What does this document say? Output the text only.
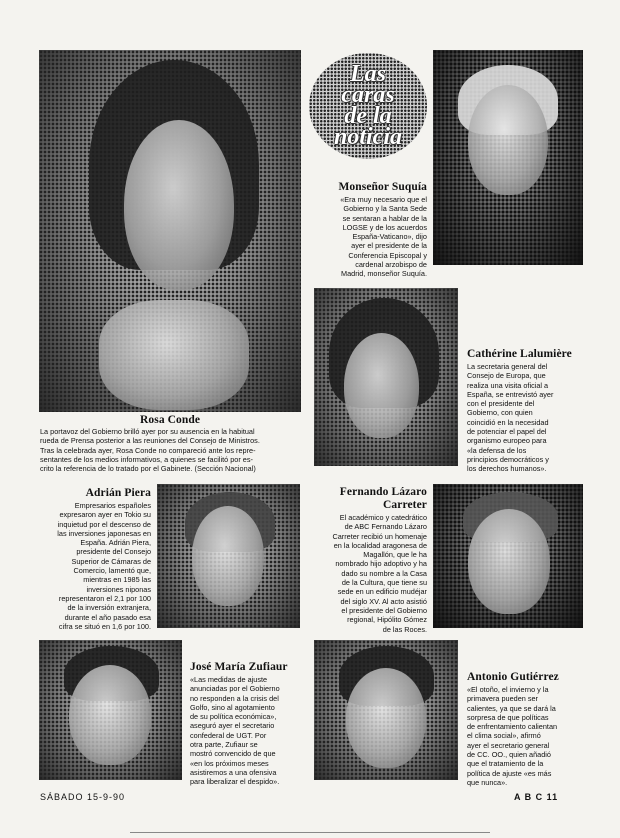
Las
caras
de la
noticia
Rosa Conde
La portavoz del Gobierno brilló ayer por su ausencia en la habitual
rueda de Prensa posterior a las reuniones del Consejo de Ministros.
Tras la celebrada ayer, Rosa Conde no compareció ante los repre-
sentantes de los medios informativos, a quienes se facilitó por es-
crito la referencia de lo tratado por el Gabinete. (Sección Nacional)
Monseñor Suquía
«Era muy necesario que el
Gobierno y la Santa Sede
se sentaran a hablar de la
LOGSE y de los acuerdos
España-Vaticano», dijo
ayer el presidente de la
Conferencia Episcopal y
cardenal arzobispo de
Madrid, monseñor Suquía.
Cathérine Lalumière
La secretaria general del
Consejo de Europa, que
realiza una visita oficial a
España, se entrevistó ayer
con el presidente del
Gobierno, con quien
coincidió en la necesidad
de potenciar el papel del
organismo europeo para
«la defensa de los
principios democráticos y
los derechos humanos».
Adrián Piera
Empresarios españoles
expresaron ayer en Tokio su
inquietud por el descenso de
las inversiones japonesas en
España. Adrián Piera,
presidente del Consejo
Superior de Cámaras de
Comercio, lamentó que,
mientras en 1985 las
inversiones niponas
representaron el 2,1 por 100
de la inversión extranjera,
durante el año pasado esa
cifra se situó en 1,6 por 100.
Fernando Lázaro
Carreter
El académico y catedrático
de ABC Fernando Lázaro
Carreter recibió un homenaje
en la localidad aragonesa de
Magallón, que le ha
nombrado hijo adoptivo y ha
dado su nombre a la Casa
de la Cultura, que tiene su
sede en un edificio mudéjar
del siglo XV. Al acto asistió
el presidente del Gobierno
regional, Hipólito Gómez
de las Roces.
José María Zufiaur
«Las medidas de ajuste
anunciadas por el Gobierno
no responden a la crisis del
Golfo, sino al agotamiento
de su política económica»,
aseguró ayer el secretario
confederal de UGT. Por
otra parte, Zufiaur se
mostró convencido de que
«en los próximos meses
asistiremos a una ofensiva
para liberalizar el despido».
Antonio Gutiérrez
«El otoño, el invierno y la
primavera pueden ser
calientes, ya que se dará la
sorpresa de que políticas
de enfrentamiento calientan
el clima social», afirmó
ayer el secretario general
de CC. OO., quien añadió
que el tratamiento de la
política de ajuste «es más
que nunca».
SÁBADO 15-9-90	A B C 11
